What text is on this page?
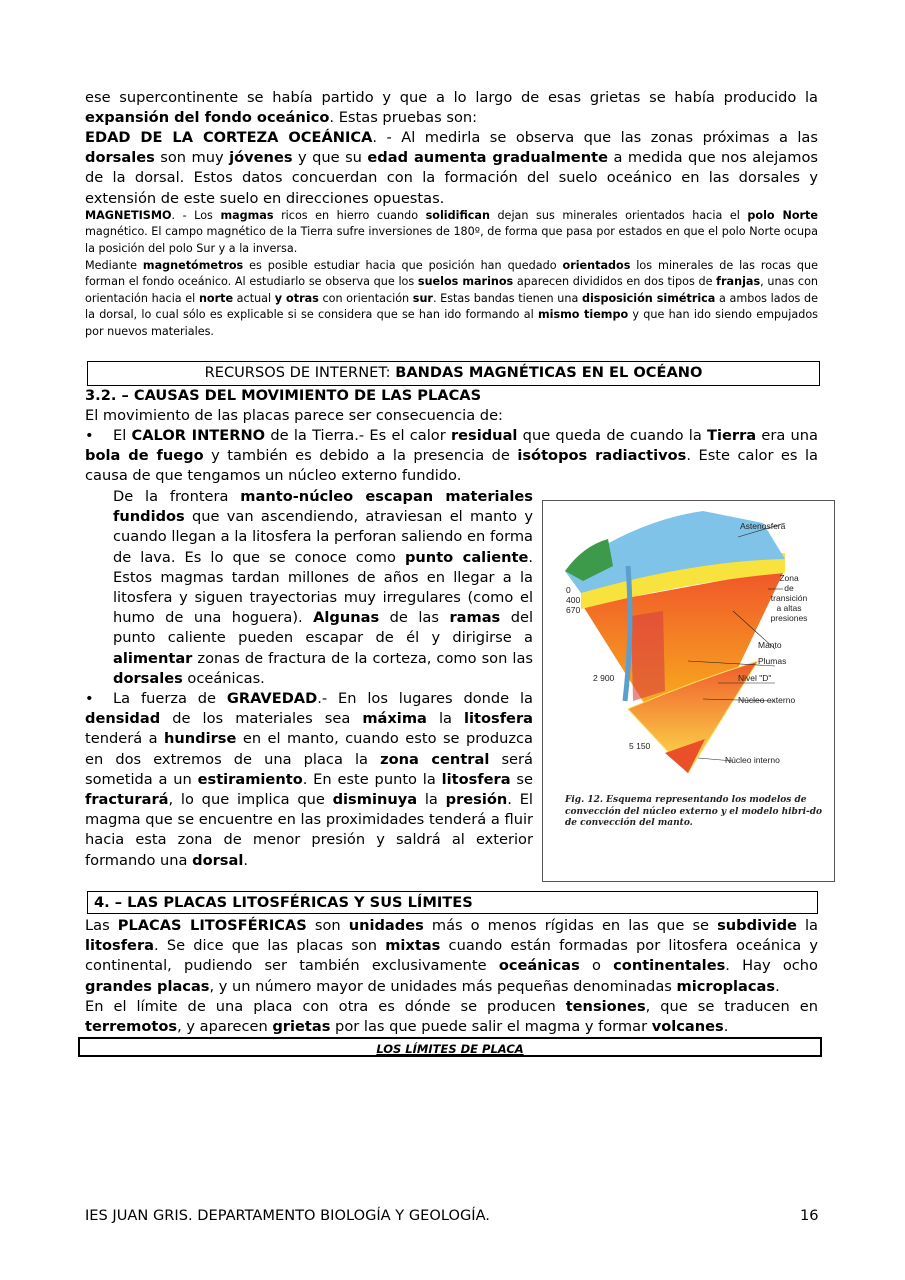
ese supercontinente se había partido y que a lo largo de esas grietas se había producido la expansión del fondo oceánico. Estas pruebas son:
EDAD DE LA CORTEZA OCEÁNICA. - Al medirla se observa que las zonas próximas a las dorsales son muy jóvenes y que su edad aumenta gradualmente a medida que nos alejamos de la dorsal. Estos datos concuerdan con la formación del suelo oceánico en las dorsales y extensión de este suelo en direcciones opuestas.
MAGNETISMO. - Los magmas ricos en hierro cuando solidifican dejan sus minerales orientados hacia el polo Norte magnético. El campo magnético de la Tierra sufre inversiones de 180º, de forma que pasa por estados en que el polo Norte ocupa la posición del polo Sur y a la inversa.
Mediante magnetómetros es posible estudiar hacia que posición han quedado orientados los minerales de las rocas que forman el fondo oceánico. Al estudiarlo se observa que los suelos marinos aparecen divididos en dos tipos de franjas, unas con orientación hacia el norte actual y otras con orientación sur. Estas bandas tienen una disposición simétrica a ambos lados de la dorsal, lo cual sólo es explicable si se considera que se han ido formando al mismo tiempo y que han ido siendo empujados por nuevos materiales.
RECURSOS DE INTERNET: BANDAS MAGNÉTICAS EN EL OCÉANO
3.2. – CAUSAS DEL MOVIMIENTO DE LAS PLACAS
El movimiento de las placas parece ser consecuencia de:
• El CALOR INTERNO de la Tierra.- Es el calor residual que queda de cuando la Tierra era una bola de fuego y también es debido a la presencia de isótopos radiactivos. Este calor es la causa de que tengamos un núcleo externo fundido.
De la frontera manto-núcleo escapan materiales fundidos que van ascendiendo, atraviesan el manto y cuando llegan a la litosfera la perforan saliendo en forma de lava. Es lo que se conoce como punto caliente. Estos magmas tardan millones de años en llegar a la litosfera y siguen trayectorias muy irregulares (como el humo de una hoguera). Algunas de las ramas del punto caliente pueden escapar de él y dirigirse a alimentar zonas de fractura de la corteza, como son las dorsales oceánicas.
• La fuerza de GRAVEDAD.- En los lugares donde la densidad de los materiales sea máxima la litosfera tenderá a hundirse en el manto, cuando esto se produzca en dos extremos de una placa la zona central será sometida a un estiramiento. En este punto la litosfera se fracturará, lo que implica que disminuya la presión. El magma que se encuentre en las proximidades tenderá a fluir hacia esta zona de menor presión y saldrá al exterior formando una dorsal.
Astenosfera
Zona
de
transición
a altas
presiones
Manto
Plumas
Nivel "D"
Núcleo externo
Núcleo interno
0
400
670
2 900
5 150
Fig. 12. Esquema representando los modelos de convección del núcleo externo y el modelo hibri-do de convección del manto.
4. – LAS PLACAS LITOSFÉRICAS Y SUS LÍMITES
Las PLACAS LITOSFÉRICAS son unidades más o menos rígidas en las que se subdivide la litosfera. Se dice que las placas son mixtas cuando están formadas por litosfera oceánica y continental, pudiendo ser también exclusivamente oceánicas o continentales. Hay ocho grandes placas, y un número mayor de unidades más pequeñas denominadas microplacas.
En el límite de una placa con otra es dónde se producen tensiones, que se traducen en terremotos, y aparecen grietas por las que puede salir el magma y formar volcanes.
LOS LÍMITES DE PLACA
IES JUAN GRIS. DEPARTAMENTO BIOLOGÍA Y GEOLOGÍA.	16
